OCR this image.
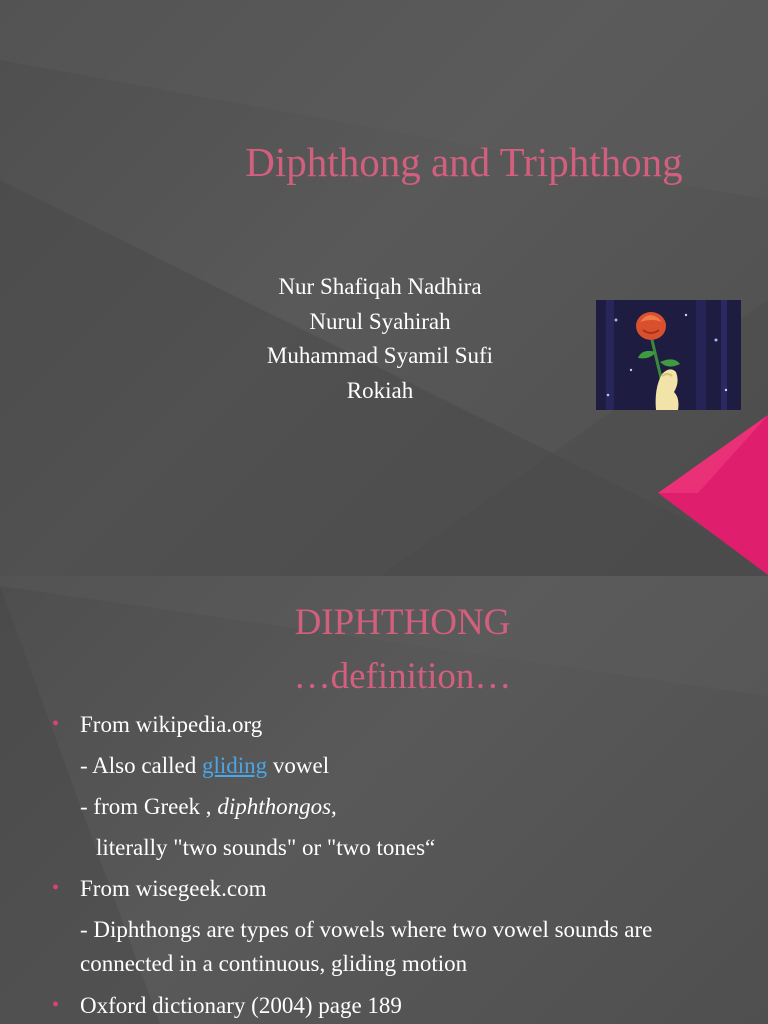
Diphthong and Triphthong
Nur Shafiqah Nadhira
Nurul Syahirah
Muhammad Syamil Sufi
Rokiah
DIPHTHONG
…definition…
• From wikipedia.org
- Also called gliding vowel
- from Greek , diphthongos,
literally "two sounds" or "two tones“
• From wisegeek.com
- Diphthongs are types of vowels where two vowel sounds are connected in a continuous, gliding motion
• Oxford dictionary (2004) page 189
